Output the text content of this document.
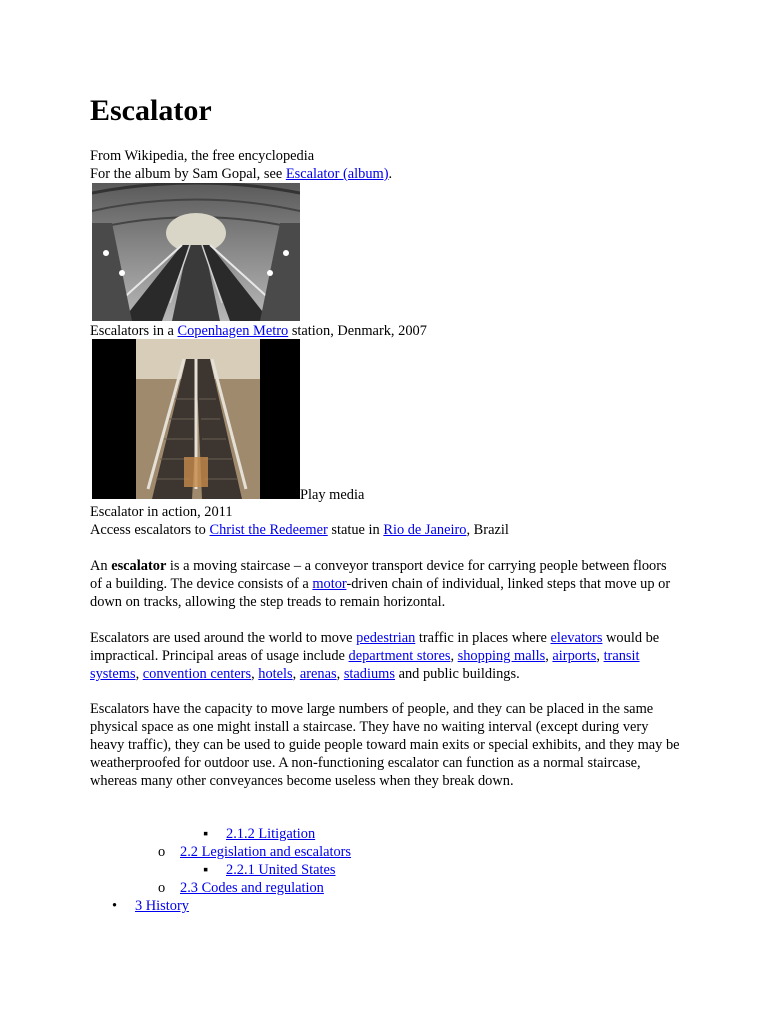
Escalator
From Wikipedia, the free encyclopedia
For the album by Sam Gopal, see Escalator (album).
Escalators in a Copenhagen Metro station, Denmark, 2007
Play media
Escalator in action, 2011
Access escalators to Christ the Redeemer statue in Rio de Janeiro, Brazil

An escalator is a moving staircase – a conveyor transport device for carrying people between floors of a building. The device consists of a motor-driven chain of individual, linked steps that move up or down on tracks, allowing the step treads to remain horizontal.

Escalators are used around the world to move pedestrian traffic in places where elevators would be impractical. Principal areas of usage include department stores, shopping malls, airports, transit systems, convention centers, hotels, arenas, stadiums and public buildings.

Escalators have the capacity to move large numbers of people, and they can be placed in the same physical space as one might install a staircase. They have no waiting interval (except during very heavy traffic), they can be used to guide people toward main exits or special exhibits, and they may be weatherproofed for outdoor use. A non-functioning escalator can function as a normal staircase, whereas many other conveyances become useless when they break down.

▪ 2.1.2 Litigation
o 2.2 Legislation and escalators
▪ 2.2.1 United States
o 2.3 Codes and regulation
• 3 History
